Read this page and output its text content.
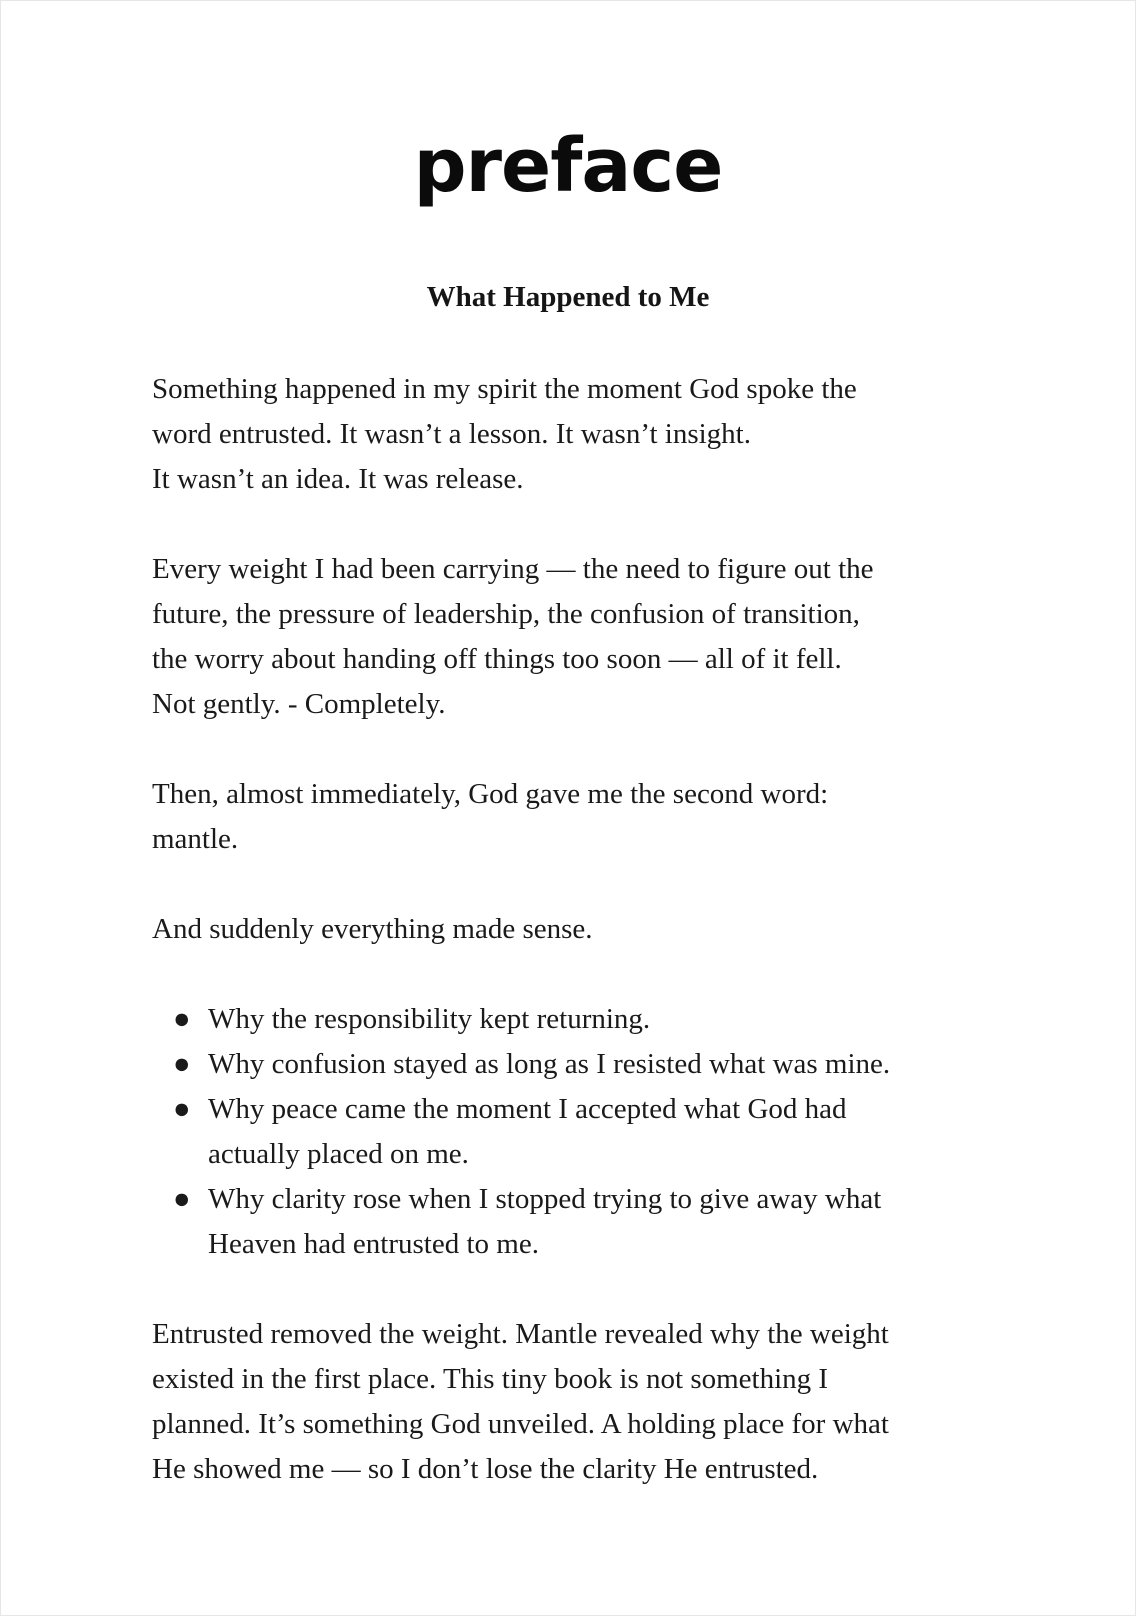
preface
What Happened to Me

Something happened in my spirit the moment God spoke the
word entrusted. It wasn’t a lesson. It wasn’t insight.
It wasn’t an idea. It was release.

Every weight I had been carrying — the need to figure out the
future, the pressure of leadership, the confusion of transition,
the worry about handing off things too soon — all of it fell.
Not gently. - Completely.

Then, almost immediately, God gave me the second word:
mantle.

And suddenly everything made sense.

● Why the responsibility kept returning.
● Why confusion stayed as long as I resisted what was mine.
● Why peace came the moment I accepted what God had
actually placed on me.
● Why clarity rose when I stopped trying to give away what
Heaven had entrusted to me.

Entrusted removed the weight. Mantle revealed why the weight
existed in the first place. This tiny book is not something I
planned. It’s something God unveiled. A holding place for what
He showed me — so I don’t lose the clarity He entrusted.
